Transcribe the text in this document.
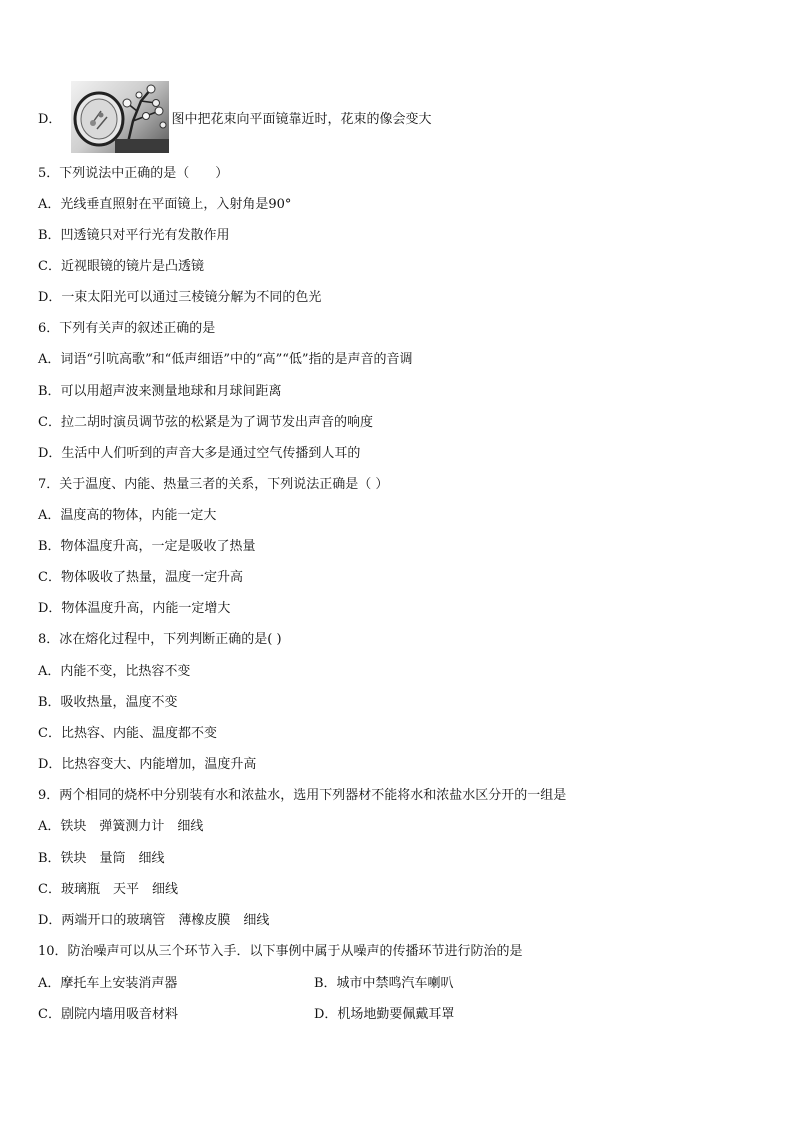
D．	图中把花束向平面镜靠近时，花束的像会变大
5．下列说法中正确的是（　　）
A．光线垂直照射在平面镜上，入射角是90°
B．凹透镜只对平行光有发散作用
C．近视眼镜的镜片是凸透镜
D．一束太阳光可以通过三棱镜分解为不同的色光
6．下列有关声的叙述正确的是
A．词语“引吭高歌”和“低声细语”中的“高”“低”指的是声音的音调
B．可以用超声波来测量地球和月球间距离
C．拉二胡时演员调节弦的松紧是为了调节发出声音的响度
D．生活中人们听到的声音大多是通过空气传播到人耳的
7．关于温度、内能、热量三者的关系，下列说法正确是（ ）
A．温度高的物体，内能一定大
B．物体温度升高，一定是吸收了热量
C．物体吸收了热量，温度一定升高
D．物体温度升高，内能一定增大
8．冰在熔化过程中，下列判断正确的是( )
A．内能不变，比热容不变
B．吸收热量，温度不变
C．比热容、内能、温度都不变
D．比热容变大、内能增加，温度升高
9．两个相同的烧杯中分别装有水和浓盐水，选用下列器材不能将水和浓盐水区分开的一组是
A．铁块　弹簧测力计　细线
B．铁块　量筒　细线
C．玻璃瓶　天平　细线
D．两端开口的玻璃管　薄橡皮膜　细线
10．防治噪声可以从三个环节入手．以下事例中属于从噪声的传播环节进行防治的是
A．摩托车上安装消声器	B．城市中禁鸣汽车喇叭
C．剧院内墙用吸音材料	D．机场地勤要佩戴耳罩
